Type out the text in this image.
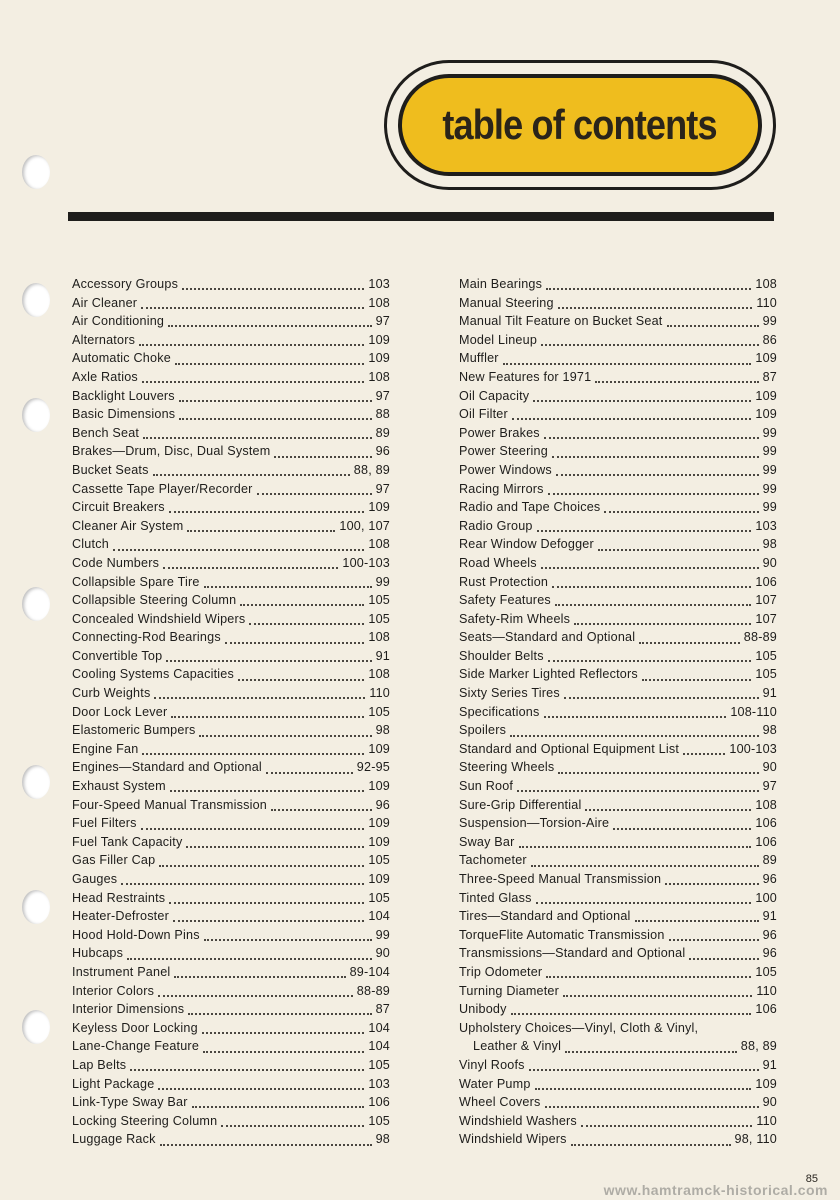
table of contents
Accessory Groups	103
Air Cleaner	108
Air Conditioning	97
Alternators	109
Automatic Choke	109
Axle Ratios	108
Backlight Louvers	97
Basic Dimensions	88
Bench Seat	89
Brakes—Drum, Disc, Dual System	96
Bucket Seats	88, 89
Cassette Tape Player/Recorder	97
Circuit Breakers	109
Cleaner Air System	100, 107
Clutch	108
Code Numbers	100-103
Collapsible Spare Tire	99
Collapsible Steering Column	105
Concealed Windshield Wipers	105
Connecting-Rod Bearings	108
Convertible Top	91
Cooling Systems Capacities	108
Curb Weights	110
Door Lock Lever	105
Elastomeric Bumpers	98
Engine Fan	109
Engines—Standard and Optional	92-95
Exhaust System	109
Four-Speed Manual Transmission	96
Fuel Filters	109
Fuel Tank Capacity	109
Gas Filler Cap	105
Gauges	109
Head Restraints	105
Heater-Defroster	104
Hood Hold-Down Pins	99
Hubcaps	90
Instrument Panel	89-104
Interior Colors	88-89
Interior Dimensions	87
Keyless Door Locking	104
Lane-Change Feature	104
Lap Belts	105
Light Package	103
Link-Type Sway Bar	106
Locking Steering Column	105
Luggage Rack	98
Main Bearings	108
Manual Steering	110
Manual Tilt Feature on Bucket Seat	99
Model Lineup	86
Muffler	109
New Features for 1971	87
Oil Capacity	109
Oil Filter	109
Power Brakes	99
Power Steering	99
Power Windows	99
Racing Mirrors	99
Radio and Tape Choices	99
Radio Group	103
Rear Window Defogger	98
Road Wheels	90
Rust Protection	106
Safety Features	107
Safety-Rim Wheels	107
Seats—Standard and Optional	88-89
Shoulder Belts	105
Side Marker Lighted Reflectors	105
Sixty Series Tires	91
Specifications	108-110
Spoilers	98
Standard and Optional Equipment List	100-103
Steering Wheels	90
Sun Roof	97
Sure-Grip Differential	108
Suspension—Torsion-Aire	106
Sway Bar	106
Tachometer	89
Three-Speed Manual Transmission	96
Tinted Glass	100
Tires—Standard and Optional	91
TorqueFlite Automatic Transmission	96
Transmissions—Standard and Optional	96
Trip Odometer	105
Turning Diameter	110
Unibody	106
Upholstery Choices—Vinyl, Cloth & Vinyl,
Leather & Vinyl	88, 89
Vinyl Roofs	91
Water Pump	109
Wheel Covers	90
Windshield Washers	110
Windshield Wipers	98, 110
85
www.hamtramck-historical.com
